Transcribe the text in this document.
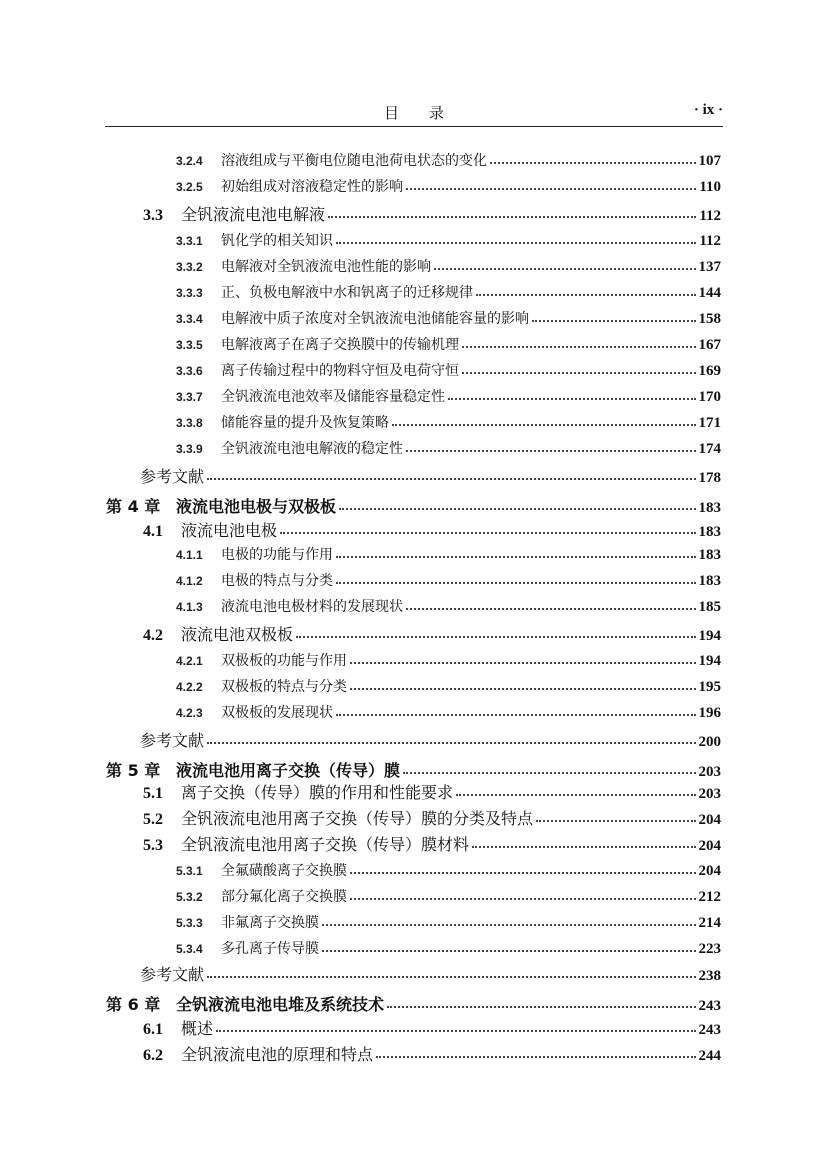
目录	· ix ·
3.2.4	溶液组成与平衡电位随电池荷电状态的变化	107
3.2.5	初始组成对溶液稳定性的影响	110
3.3	全钒液流电池电解液	112
3.3.1	钒化学的相关知识	112
3.3.2	电解液对全钒液流电池性能的影响	137
3.3.3	正、负极电解液中水和钒离子的迁移规律	144
3.3.4	电解液中质子浓度对全钒液流电池储能容量的影响	158
3.3.5	电解液离子在离子交换膜中的传输机理	167
3.3.6	离子传输过程中的物料守恒及电荷守恒	169
3.3.7	全钒液流电池效率及储能容量稳定性	170
3.3.8	储能容量的提升及恢复策略	171
3.3.9	全钒液流电池电解液的稳定性	174
参考文献	178
第 4 章 液流电池电极与双极板	183
4.1	液流电池电极	183
4.1.1	电极的功能与作用	183
4.1.2	电极的特点与分类	183
4.1.3	液流电池电极材料的发展现状	185
4.2	液流电池双极板	194
4.2.1	双极板的功能与作用	194
4.2.2	双极板的特点与分类	195
4.2.3	双极板的发展现状	196
参考文献	200
第 5 章 液流电池用离子交换（传导）膜	203
5.1	离子交换（传导）膜的作用和性能要求	203
5.2	全钒液流电池用离子交换（传导）膜的分类及特点	204
5.3	全钒液流电池用离子交换（传导）膜材料	204
5.3.1	全氟磺酸离子交换膜	204
5.3.2	部分氟化离子交换膜	212
5.3.3	非氟离子交换膜	214
5.3.4	多孔离子传导膜	223
参考文献	238
第 6 章 全钒液流电池电堆及系统技术	243
6.1	概述	243
6.2	全钒液流电池的原理和特点	244
